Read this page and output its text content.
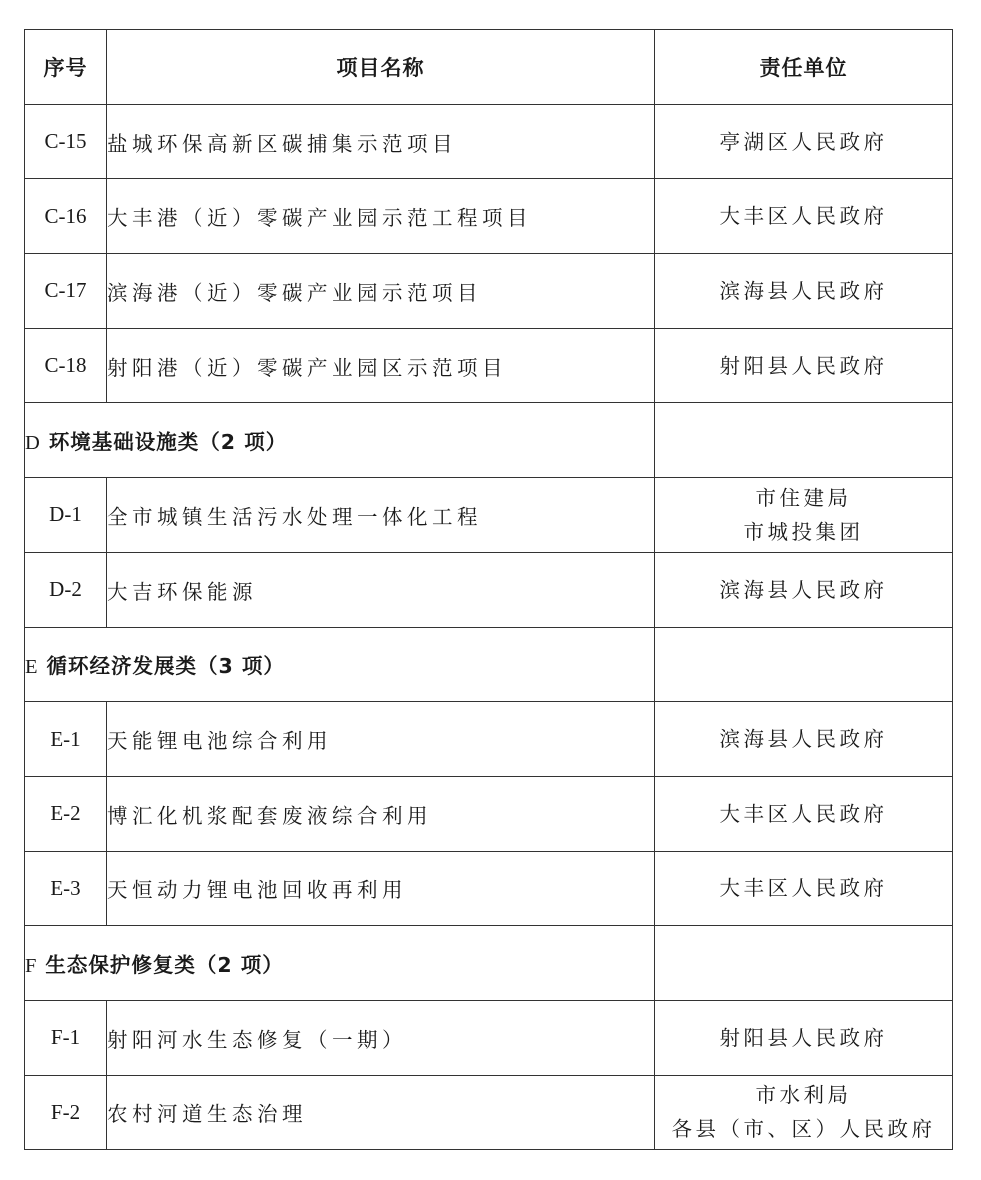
序号	项目名称	责任单位
C-15	盐城环保高新区碳捕集示范项目	亭湖区人民政府

C-16	大丰港（近）零碳产业园示范工程项目	大丰区人民政府

C-17	滨海港（近）零碳产业园示范项目	滨海县人民政府

C-18	射阳港（近）零碳产业园区示范项目	射阳县人民政府

D 环境基础设施类（2 项）		
D-1	全市城镇生活污水处理一体化工程	市住建局
市城投集团

D-2	大吉环保能源	滨海县人民政府

E 循环经济发展类（3 项）		
E-1	天能锂电池综合利用	滨海县人民政府

E-2	博汇化机浆配套废液综合利用	大丰区人民政府

E-3	天恒动力锂电池回收再利用	大丰区人民政府

F 生态保护修复类（2 项）		
F-1	射阳河水生态修复（一期）	射阳县人民政府

F-2	农村河道生态治理	市水利局
各县（市、区）人民政府
